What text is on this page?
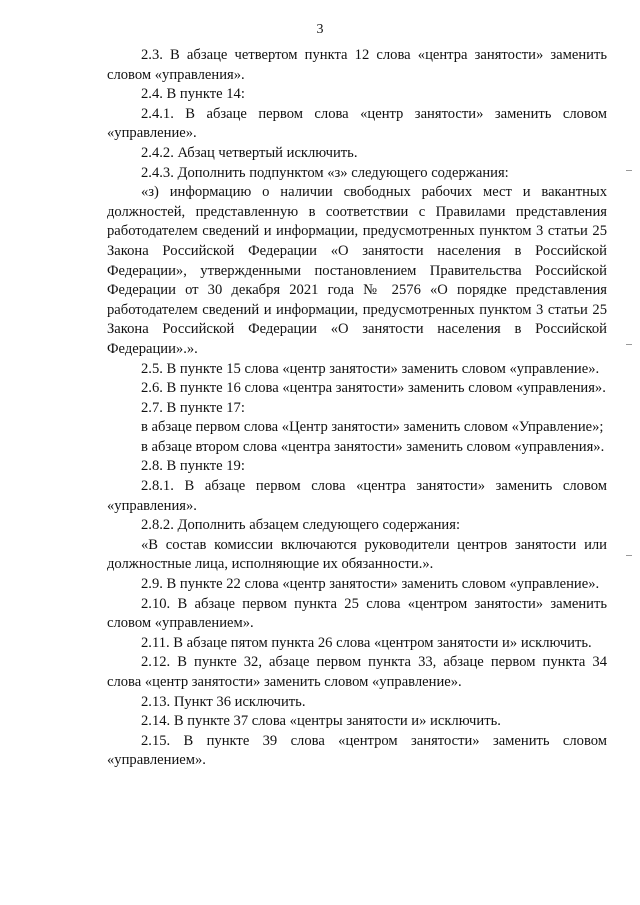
3

2.3. В абзаце четвертом пункта 12 слова «центра занятости» заменить словом «управления».

2.4. В пункте 14:

2.4.1. В абзаце первом слова «центр занятости» заменить словом «управление».

2.4.2. Абзац четвертый исключить.

2.4.3. Дополнить подпунктом «з» следующего содержания:

«з) информацию о наличии свободных рабочих мест и вакантных должностей, представленную в соответствии с Правилами представления работодателем сведений и информации, предусмотренных пунктом 3 статьи 25 Закона Российской Федерации «О занятости населения в Российской Федерации», утвержденными постановлением Правительства Российской Федерации от 30 декабря 2021 года № 2576 «О порядке представления работодателем сведений и информации, предусмотренных пунктом 3 статьи 25 Закона Российской Федерации «О занятости населения в Российской Федерации».».

2.5. В пункте 15 слова «центр занятости» заменить словом «управление».

2.6. В пункте 16 слова «центра занятости» заменить словом «управления».

2.7. В пункте 17:

в абзаце первом слова «Центр занятости» заменить словом «Управление»;

в абзаце втором слова «центра занятости» заменить словом «управления».

2.8. В пункте 19:

2.8.1. В абзаце первом слова «центра занятости» заменить словом «управления».

2.8.2. Дополнить абзацем следующего содержания:

«В состав комиссии включаются руководители центров занятости или должностные лица, исполняющие их обязанности.».

2.9. В пункте 22 слова «центр занятости» заменить словом «управление».

2.10. В абзаце первом пункта 25 слова «центром занятости» заменить словом «управлением».

2.11. В абзаце пятом пункта 26 слова «центром занятости и» исключить.

2.12. В пункте 32, абзаце первом пункта 33, абзаце первом пункта 34 слова «центр занятости» заменить словом «управление».

2.13. Пункт 36 исключить.

2.14. В пункте 37 слова «центры занятости и» исключить.

2.15. В пункте 39 слова «центром занятости» заменить словом «управлением».
